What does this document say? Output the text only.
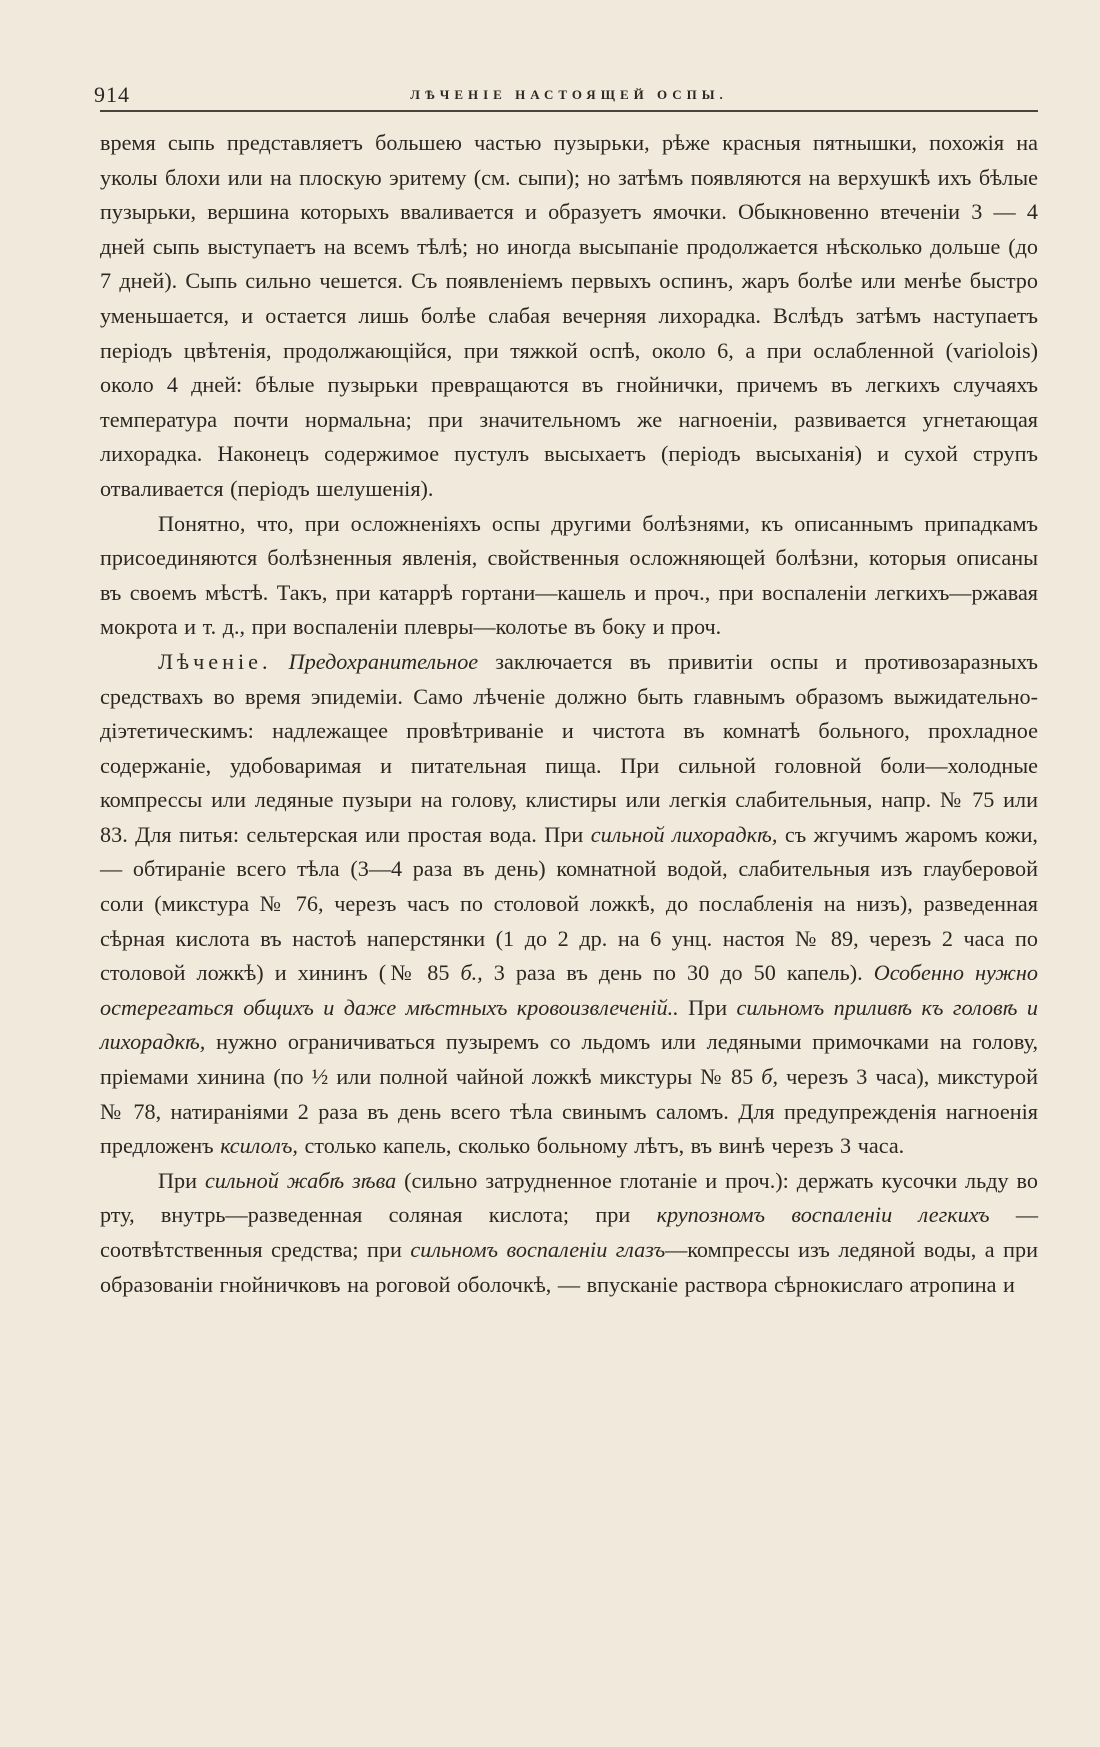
914	ЛѢЧЕНІЕ НАСТОЯЩЕЙ ОСПЫ.

время сыпь представляетъ большею частью пузырьки, рѣже красныя пятнышки, похожія на уколы блохи или на плоскую эритему (см. сыпи); но затѣмъ появляются на верхушкѣ ихъ бѣлые пузырьки, вершина которыхъ вваливается и образуетъ ямочки. Обыкновенно втеченіи 3 — 4 дней сыпь выступаетъ на всемъ тѣлѣ; но иногда высыпаніе продолжается нѣсколько дольше (до 7 дней). Сыпь сильно чешется. Съ появленіемъ первыхъ оспинъ, жаръ болѣе или менѣе быстро уменьшается, и остается лишь болѣе слабая вечерняя лихорадка. Вслѣдъ затѣмъ наступаетъ періодъ цвѣтенія, продолжающійся, при тяжкой оспѣ, около 6, а при ослабленной (varioloіs) около 4 дней: бѣлые пузырьки превращаются въ гнойнички, причемъ въ легкихъ случаяхъ температура почти нормальна; при значительномъ же нагноеніи, развивается угнетающая лихорадка. Наконецъ содержимое пустулъ высыхаетъ (періодъ высыханія) и сухой струпъ отваливается (періодъ шелушенія).

Понятно, что, при осложненіяхъ оспы другими болѣзнями, къ описаннымъ припадкамъ присоединяются болѣзненныя явленія, свойственныя осложняющей болѣзни, которыя описаны въ своемъ мѣстѣ. Такъ, при катаррѣ гортани—кашель и проч., при воспаленіи легкихъ—ржавая мокрота и т. д., при воспаленіи плевры—колотье въ боку и проч.

Лѣченіе. Предохранительное заключается въ привитіи оспы и противозаразныхъ средствахъ во время эпидеміи. Само лѣченіе должно быть главнымъ образомъ выжидательно-діэтетическимъ: надлежащее провѣтриваніе и чистота въ комнатѣ больного, прохладное содержаніе, удобоваримая и питательная пища. При сильной головной боли—холодные компрессы или ледяные пузыри на голову, клистиры или легкія слабительныя, напр. № 75 или 83. Для питья: сельтерская или простая вода. При сильной лихорадкѣ, съ жгучимъ жаромъ кожи, — обтираніе всего тѣла (3—4 раза въ день) комнатной водой, слабительныя изъ глауберовой соли (микстура № 76, черезъ часъ по столовой ложкѣ, до послабленія на низъ), разведенная сѣрная кислота въ настоѣ наперстянки (1 до 2 др. на 6 унц. настоя № 89, черезъ 2 часа по столовой ложкѣ) и хининъ (№ 85 б., 3 раза въ день по 30 до 50 капель). Особенно нужно остерегаться общихъ и даже мѣстныхъ кровоизвлеченій.. При сильномъ приливѣ къ головѣ и лихорадкѣ, нужно ограничиваться пузыремъ со льдомъ или ледяными примочками на голову, пріемами хинина (по ½ или полной чайной ложкѣ микстуры № 85 б, черезъ 3 часа), микстурой № 78, натираніями 2 раза въ день всего тѣла свинымъ саломъ. Для предупрежденія нагноенія предложенъ ксилолъ, столько капель, сколько больному лѣтъ, въ винѣ черезъ 3 часа.

При сильной жабѣ зѣва (сильно затрудненное глотаніе и проч.): держать кусочки льду во рту, внутрь—разведенная соляная кислота; при крупозномъ воспаленіи легкихъ — соотвѣтственныя средства; при сильномъ воспаленіи глазъ—компрессы изъ ледяной воды, а при образованіи гнойничковъ на роговой оболочкѣ, — впусканіе раствора сѣрнокислаго атропина и
